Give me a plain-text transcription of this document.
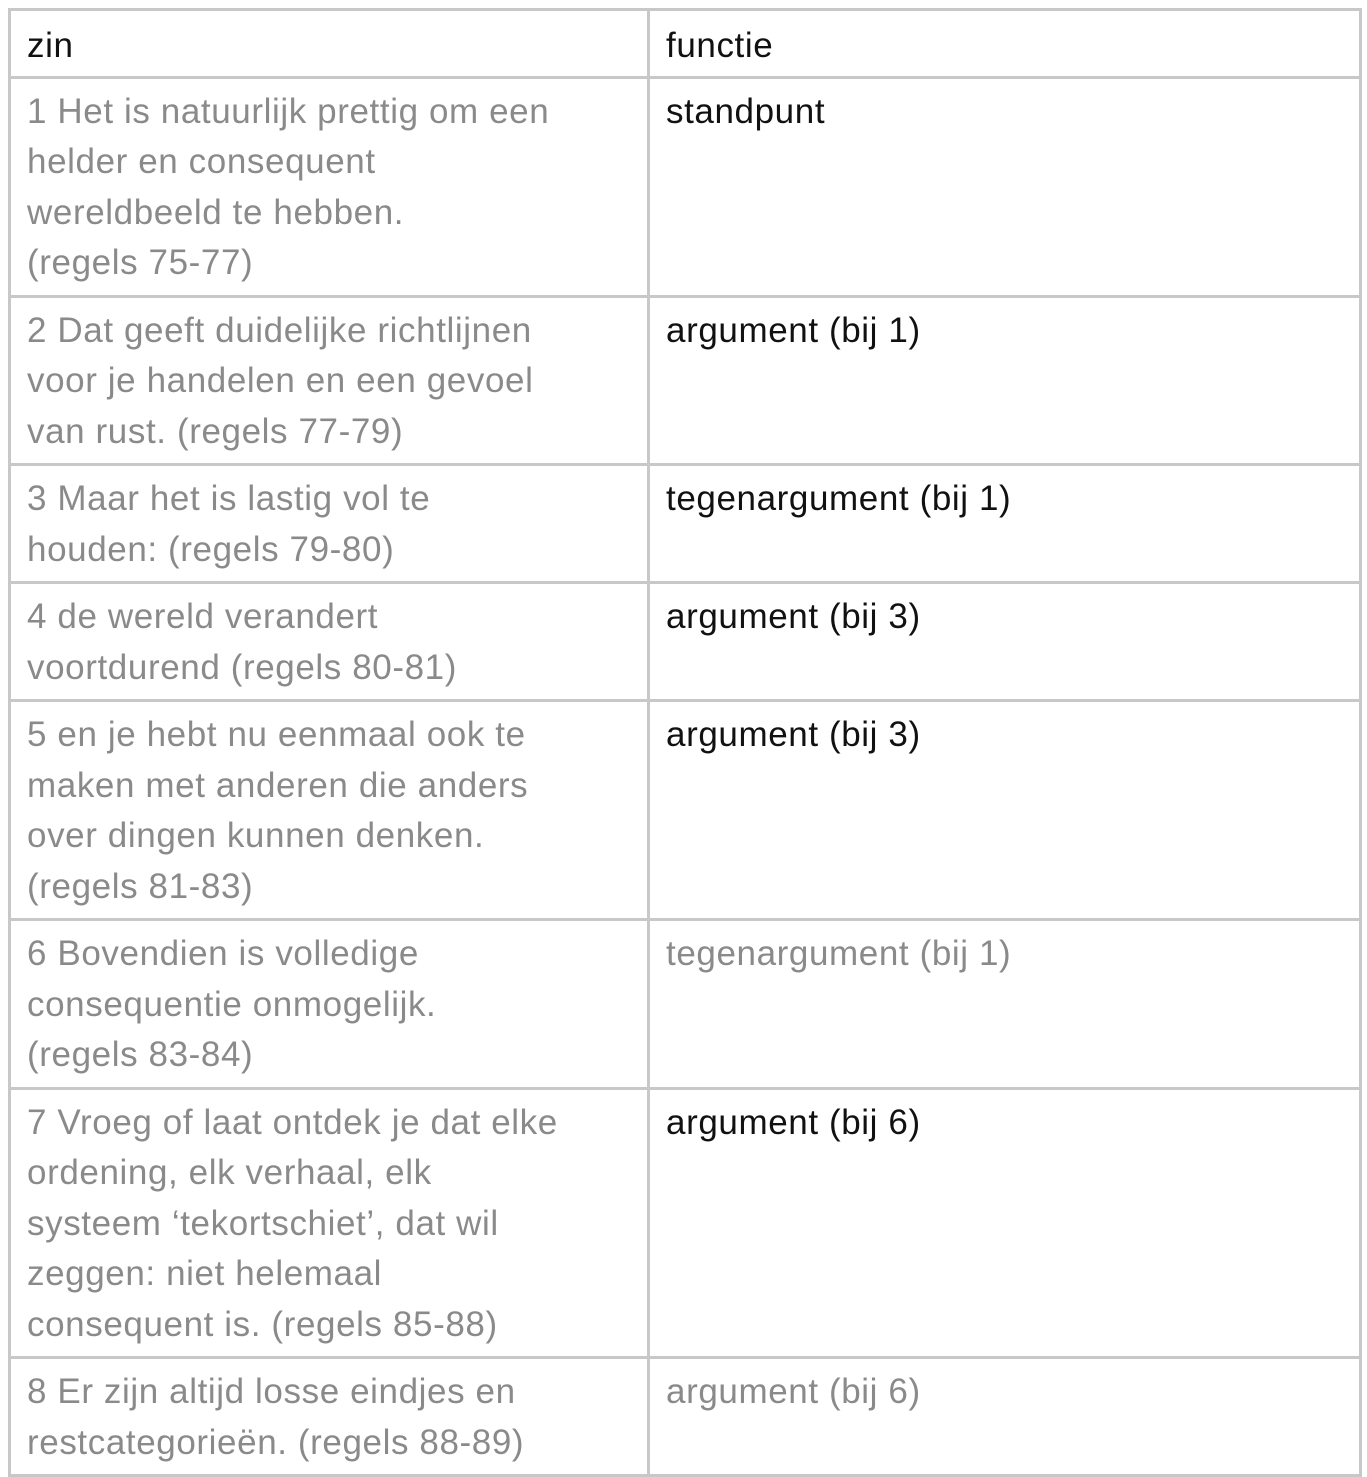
zin	functie

1 Het is natuurlijk prettig om een
helder en consequent
wereldbeeld te hebben.
(regels 75-77)	standpunt

2 Dat geeft duidelijke richtlijnen
voor je handelen en een gevoel
van rust. (regels 77-79)	argument (bij 1)

3 Maar het is lastig vol te
houden: (regels 79-80)	tegenargument (bij 1)

4 de wereld verandert
voortdurend (regels 80-81)	argument (bij 3)

5 en je hebt nu eenmaal ook te
maken met anderen die anders
over dingen kunnen denken.
(regels 81-83)	argument (bij 3)

6 Bovendien is volledige
consequentie onmogelijk.
(regels 83-84)	tegenargument (bij 1)

7 Vroeg of laat ontdek je dat elke
ordening, elk verhaal, elk
systeem ‘tekortschiet’, dat wil
zeggen: niet helemaal
consequent is. (regels 85-88)	argument (bij 6)

8 Er zijn altijd losse eindjes en
restcategorieën. (regels 88-89)	argument (bij 6)
